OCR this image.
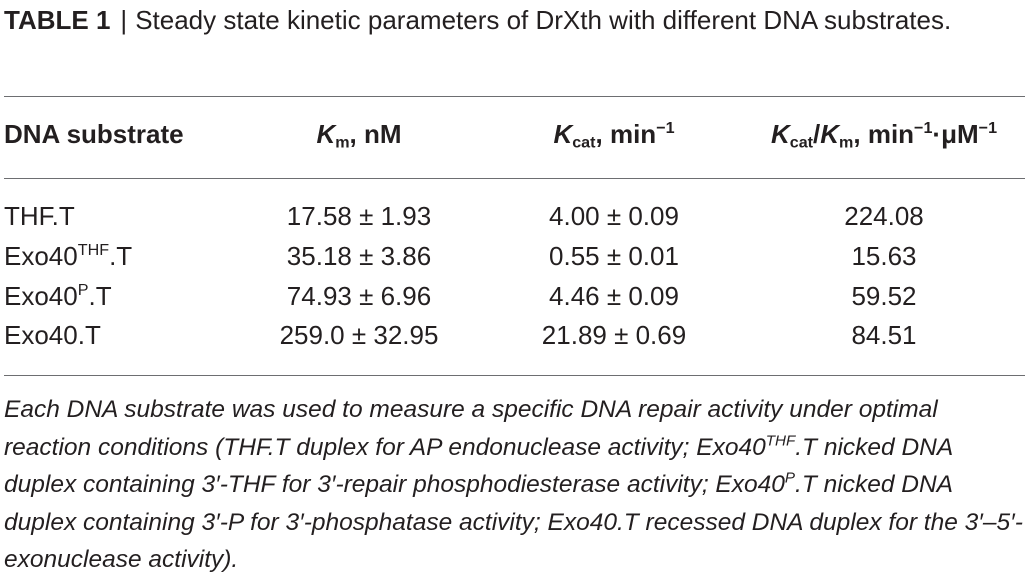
TABLE 1 | Steady state kinetic parameters of DrXth with different DNA substrates.
DNA substrate	$K_m$, nM	$K_{cat}$, $\min^{-1}$	$K_{cat}/K_m$, $\min^{-1}\cdot\mu M^{-1}$
THF.T	17.58 ± 1.93	4.00 ± 0.09	224.08
$Exo40^{THF}.T$	35.18 ± 3.86	0.55 ± 0.01	15.63
$Exo40^P.T$	74.93 ± 6.96	4.46 ± 0.09	59.52
Exo40.T	259.0 ± 32.95	21.89 ± 0.69	84.51
Each DNA substrate was used to measure a specific DNA repair activity under optimal reaction conditions (THF.T duplex for AP endonuclease activity; $Exo40^{THF}.T$ nicked DNA duplex containing 3′-THF for 3′-repair phosphodiesterase activity; $Exo40^P.T$ nicked DNA duplex containing 3′-P for 3′-phosphatase activity; Exo40.T recessed DNA duplex for the 3′–5′-exonuclease activity).
